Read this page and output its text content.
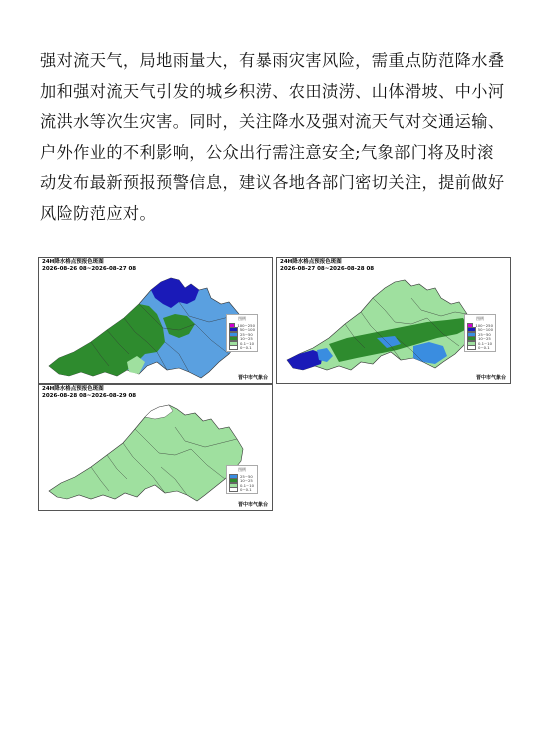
强对流天气，局地雨量大，有暴雨灾害风险，需重点防范降水叠
加和强对流天气引发的城乡积涝、农田渍涝、山体滑坡、中小河
流洪水等次生灾害。同时，关注降水及强对流天气对交通运输、
户外作业的不利影响，公众出行需注意安全;气象部门将及时滚
动发布最新预报预警信息，建议各地各部门密切关注，提前做好
风险防范应对。
24H降水格点预报色斑图
2026-08-26 08~2026-08-27 08
图例
100~250
50~100
25~50
10~25
0.1~10
0~0.1
晋中市气象台
24H降水格点预报色斑图
2026-08-27 08~2026-08-28 08
图例
100~250
50~100
25~50
10~25
0.1~10
0~0.1
晋中市气象台
24H降水格点预报色斑图
2026-08-28 08~2026-08-29 08
图例
25~50
10~25
0.1~10
0~0.1
晋中市气象台
